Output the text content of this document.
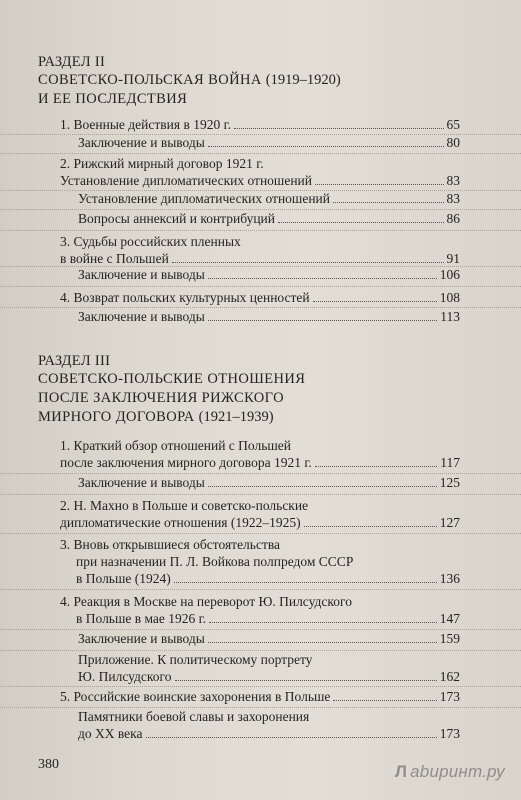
РАЗДЕЛ II
СОВЕТСКО-ПОЛЬСКАЯ ВОЙНА (1919–1920)
И ЕЕ ПОСЛЕДСТВИЯ
1. Военные действия в 1920 г.	65
Заключение и выводы	80
2. Рижский мирный договор 1921 г.
Установление дипломатических отношений	83
Установление дипломатических отношений	83
Вопросы аннексий и контрибуций	86
3. Судьбы российских пленных
в войне с Польшей	91
Заключение и выводы	106
4. Возврат польских культурных ценностей	108
Заключение и выводы	113
РАЗДЕЛ III
СОВЕТСКО-ПОЛЬСКИЕ ОТНОШЕНИЯ
ПОСЛЕ ЗАКЛЮЧЕНИЯ РИЖСКОГО
МИРНОГО ДОГОВОРА (1921–1939)
1. Краткий обзор отношений с Польшей
после заключения мирного договора 1921 г.	117
Заключение и выводы	125
2. Н. Махно в Польше и советско-польские
дипломатические отношения (1922–1925)	127
3. Вновь открывшиеся обстоятельства
при назначении П. Л. Войкова полпредом СССР
в Польше (1924)	136
4. Реакция в Москве на переворот Ю. Пилсудского
в Польше в мае 1926 г.	147
Заключение и выводы	159
Приложение. К политическому портрету
Ю. Пилсудского	162
5. Российские воинские захоронения в Польше	173
Памятники боевой славы и захоронения
до XX века	173
380	Л abuрuнт.ру
